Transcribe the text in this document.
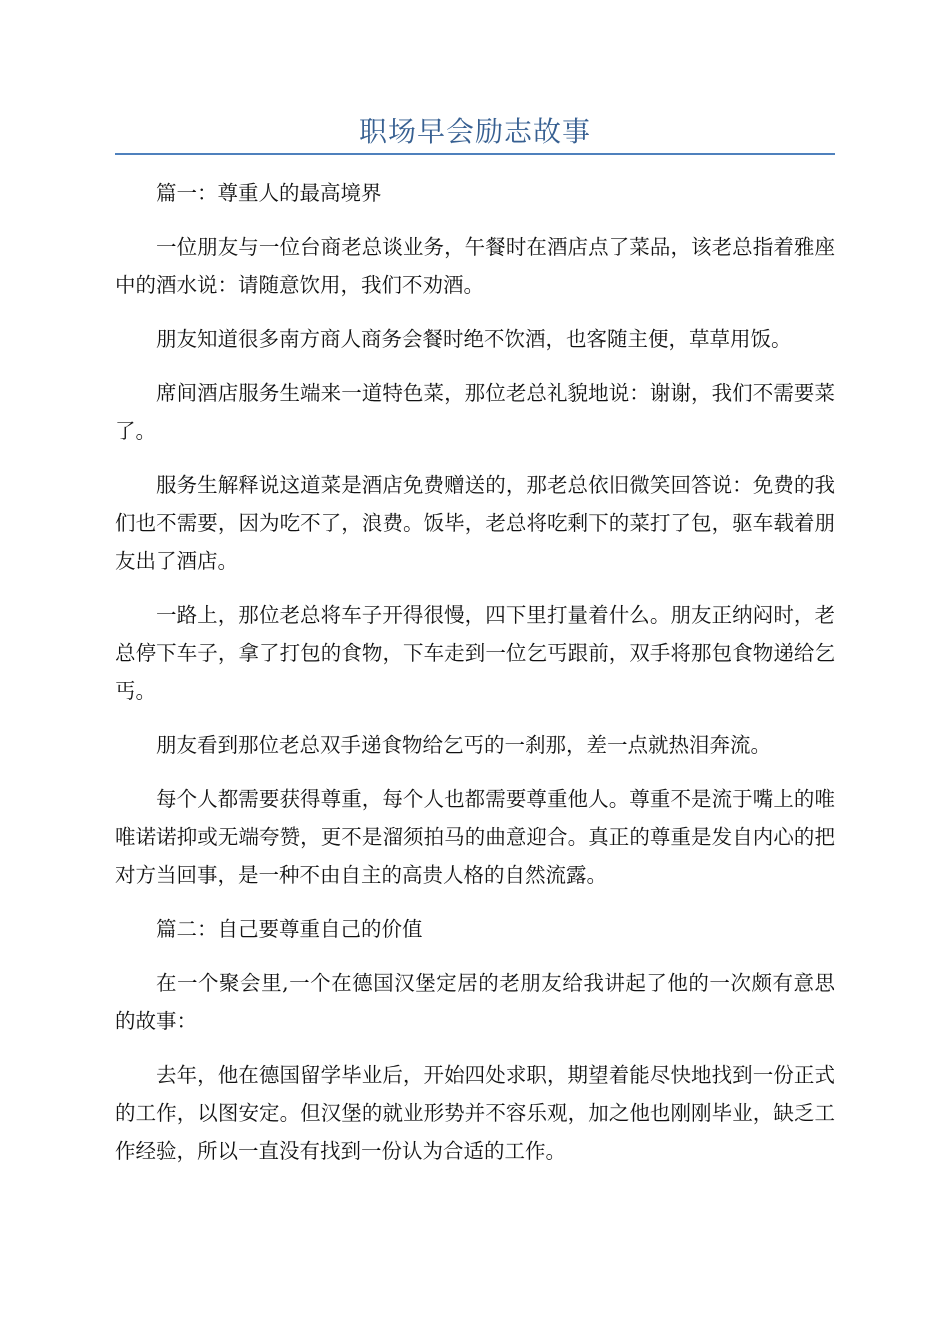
职场早会励志故事

篇一：尊重人的最高境界

一位朋友与一位台商老总谈业务，午餐时在酒店点了菜品，该老总指着雅座中的酒水说：请随意饮用，我们不劝酒。

朋友知道很多南方商人商务会餐时绝不饮酒，也客随主便，草草用饭。

席间酒店服务生端来一道特色菜，那位老总礼貌地说：谢谢，我们不需要菜了。

服务生解释说这道菜是酒店免费赠送的，那老总依旧微笑回答说：免费的我们也不需要，因为吃不了，浪费。饭毕，老总将吃剩下的菜打了包，驱车载着朋友出了酒店。

一路上，那位老总将车子开得很慢，四下里打量着什么。朋友正纳闷时，老总停下车子，拿了打包的食物，下车走到一位乞丐跟前，双手将那包食物递给乞丐。

朋友看到那位老总双手递食物给乞丐的一刹那，差一点就热泪奔流。

每个人都需要获得尊重，每个人也都需要尊重他人。尊重不是流于嘴上的唯唯诺诺抑或无端夸赞，更不是溜须拍马的曲意迎合。真正的尊重是发自内心的把对方当回事，是一种不由自主的高贵人格的自然流露。

篇二：自己要尊重自己的价值

在一个聚会里,一个在德国汉堡定居的老朋友给我讲起了他的一次颇有意思的故事：

去年，他在德国留学毕业后，开始四处求职，期望着能尽快地找到一份正式的工作，以图安定。但汉堡的就业形势并不容乐观，加之他也刚刚毕业，缺乏工作经验，所以一直没有找到一份认为合适的工作。
